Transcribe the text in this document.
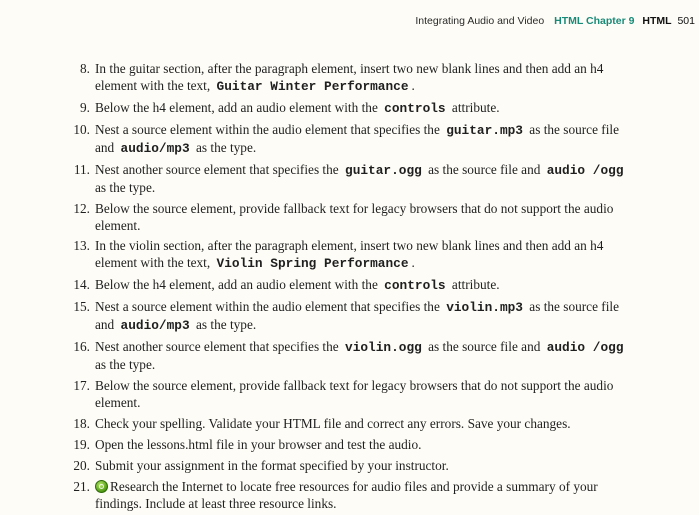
Integrating Audio and Video HTML Chapter 9 HTML 501
8. In the guitar section, after the paragraph element, insert two new blank lines and then add an h4 element with the text, Guitar Winter Performance .
9. Below the h4 element, add an audio element with the controls attribute.
10. Nest a source element within the audio element that specifies the guitar.mp3 as the source file and audio/mp3 as the type.
11. Nest another source element that specifies the guitar.ogg as the source file and audio /ogg as the type.
12. Below the source element, provide fallback text for legacy browsers that do not support the audio element.
13. In the violin section, after the paragraph element, insert two new blank lines and then add an h4 element with the text, Violin Spring Performance .
14. Below the h4 element, add an audio element with the controls attribute.
15. Nest a source element within the audio element that specifies the violin.mp3 as the source file and audio/mp3 as the type.
16. Nest another source element that specifies the violin.ogg as the source file and audio /ogg as the type.
17. Below the source element, provide fallback text for legacy browsers that do not support the audio element.
18. Check your spelling. Validate your HTML file and correct any errors. Save your changes.
19. Open the lessons.html file in your browser and test the audio.
20. Submit your assignment in the format specified by your instructor.
21. Research the Internet to locate free resources for audio files and provide a summary of your findings. Include at least three resource links.
